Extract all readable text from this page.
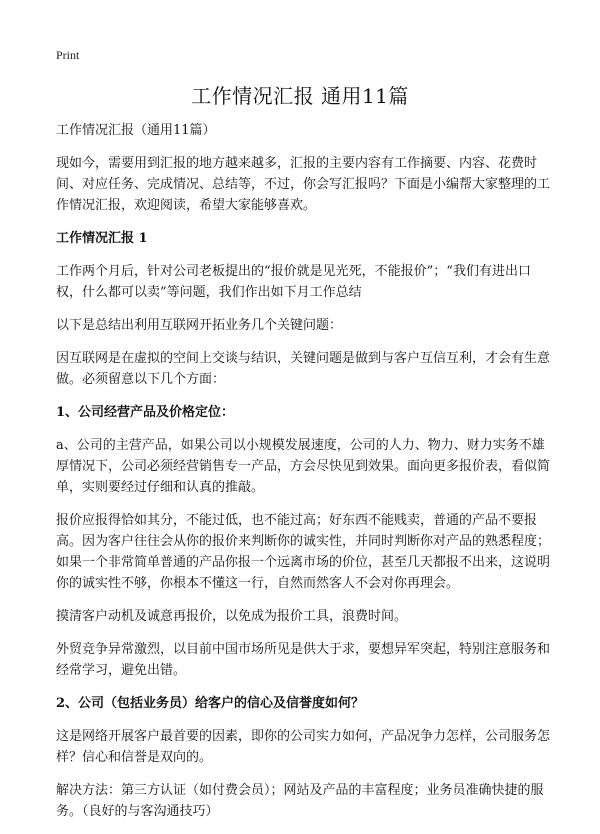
Print
工作情况汇报 通用11篇

工作情况汇报（通用11篇）

现如今，需要用到汇报的地方越来越多，汇报的主要内容有工作摘要、内容、花费时间、对应任务、完成情况、总结等，不过，你会写汇报吗？下面是小编帮大家整理的工作情况汇报，欢迎阅读，希望大家能够喜欢。

工作情况汇报 1

工作两个月后，针对公司老板提出的“报价就是见光死，不能报价”；“我们有进出口权，什么都可以卖”等问题，我们作出如下月工作总结

以下是总结出利用互联网开拓业务几个关键问题：

因互联网是在虚拟的空间上交谈与结识，关键问题是做到与客户互信互利，才会有生意做。必须留意以下几个方面：

1、公司经营产品及价格定位：

a、公司的主营产品，如果公司以小规模发展速度，公司的人力、物力、财力实务不雄厚情况下，公司必须经营销售专一产品，方会尽快见到效果。面向更多报价表，看似简单，实则要经过仔细和认真的推敲。

报价应报得恰如其分，不能过低，也不能过高；好东西不能贱卖，普通的产品不要报高。因为客户往往会从你的报价来判断你的诚实性，并同时判断你对产品的熟悉程度；如果一个非常简单普通的产品你报一个远离市场的价位，甚至几天都报不出来，这说明你的诚实性不够，你根本不懂这一行，自然而然客人不会对你再理会。

摸清客户动机及诚意再报价，以免成为报价工具，浪费时间。

外贸竞争异常激烈，以目前中国市场所见是供大于求，要想异军突起，特别注意服务和经常学习，避免出错。

2、公司（包括业务员）给客户的信心及信誉度如何？

这是网络开展客户最首要的因素，即你的公司实力如何，产品况争力怎样，公司服务怎样？信心和信誉是双向的。

解决方法：第三方认证（如付费会员）；网站及产品的丰富程度；业务员准确快捷的服务。（良好的与客沟通技巧）
